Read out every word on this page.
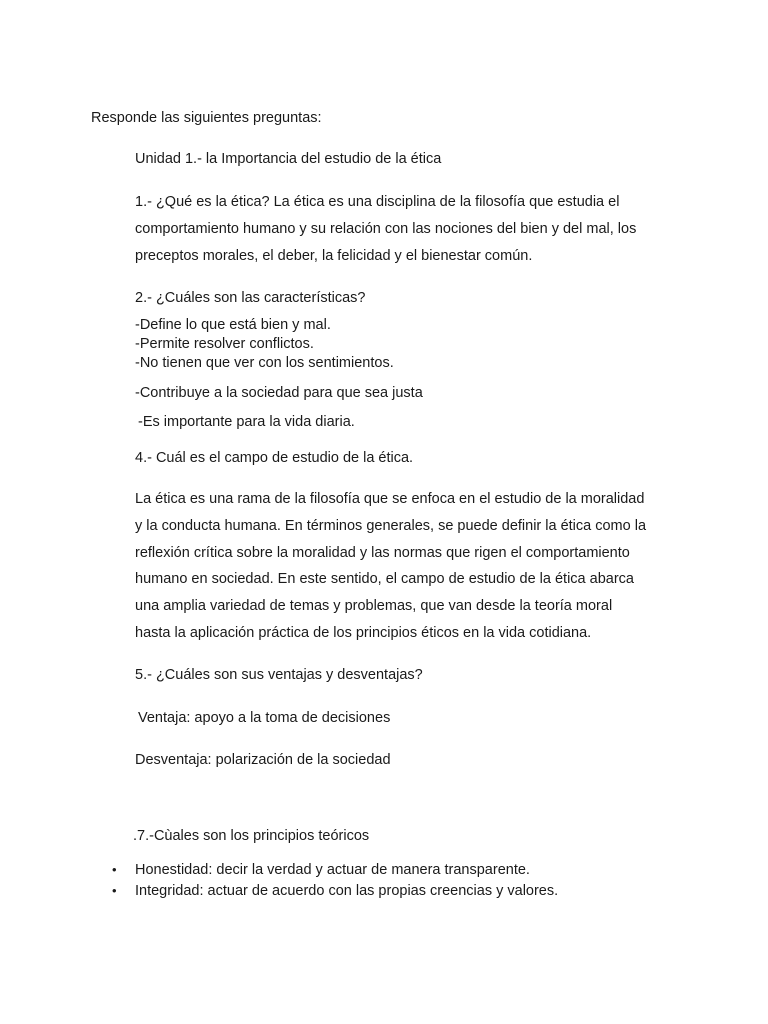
Responde las siguientes preguntas:
Unidad 1.- la Importancia del estudio de la ética
1.- ¿Qué es la ética? La ética es una disciplina de la filosofía que estudia el
comportamiento humano y su relación con las nociones del bien y del mal, los
preceptos morales, el deber, la felicidad y el bienestar común.
2.- ¿Cuáles son las características?
-Define lo que está bien y mal.
-Permite resolver conflictos.
-No tienen que ver con los sentimientos.
-Contribuye a la sociedad para que sea justa
-Es importante para la vida diaria.
4.- Cuál es el campo de estudio de la ética.
La ética es una rama de la filosofía que se enfoca en el estudio de la moralidad
y la conducta humana. En términos generales, se puede definir la ética como la
reflexión crítica sobre la moralidad y las normas que rigen el comportamiento
humano en sociedad. En este sentido, el campo de estudio de la ética abarca
una amplia variedad de temas y problemas, que van desde la teoría moral
hasta la aplicación práctica de los principios éticos en la vida cotidiana.
5.- ¿Cuáles son sus ventajas y desventajas?
Ventaja: apoyo a la toma de decisiones
Desventaja: polarización de la sociedad
.7.-Cùales son los principios teóricos
•	Honestidad: decir la verdad y actuar de manera transparente.
•	Integridad: actuar de acuerdo con las propias creencias y valores.
